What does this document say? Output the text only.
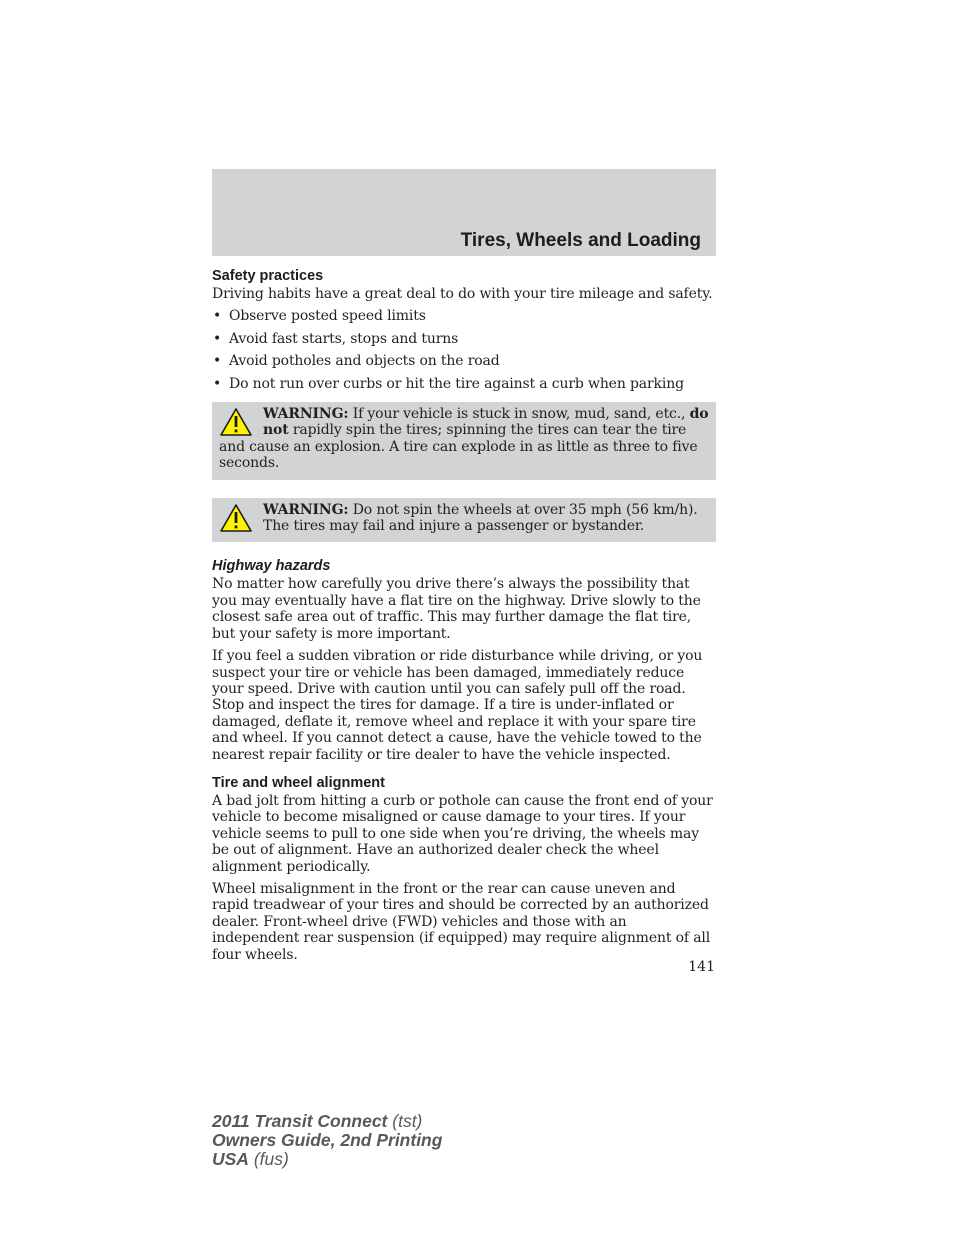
Tires, Wheels and Loading
Safety practices

Driving habits have a great deal to do with your tire mileage and safety.

• Observe posted speed limits
• Avoid fast starts, stops and turns
• Avoid potholes and objects on the road
• Do not run over curbs or hit the tire against a curb when parking
WARNING: If your vehicle is stuck in snow, mud, sand, etc., do not rapidly spin the tires; spinning the tires can tear the tire and cause an explosion. A tire can explode in as little as three to five seconds.
WARNING: Do not spin the wheels at over 35 mph (56 km/h). The tires may fail and injure a passenger or bystander.
Highway hazards

No matter how carefully you drive there’s always the possibility that you may eventually have a flat tire on the highway. Drive slowly to the closest safe area out of traffic. This may further damage the flat tire, but your safety is more important.

If you feel a sudden vibration or ride disturbance while driving, or you suspect your tire or vehicle has been damaged, immediately reduce your speed. Drive with caution until you can safely pull off the road. Stop and inspect the tires for damage. If a tire is under-inflated or damaged, deflate it, remove wheel and replace it with your spare tire and wheel. If you cannot detect a cause, have the vehicle towed to the nearest repair facility or tire dealer to have the vehicle inspected.

Tire and wheel alignment

A bad jolt from hitting a curb or pothole can cause the front end of your vehicle to become misaligned or cause damage to your tires. If your vehicle seems to pull to one side when you’re driving, the wheels may be out of alignment. Have an authorized dealer check the wheel alignment periodically.

Wheel misalignment in the front or the rear can cause uneven and rapid treadwear of your tires and should be corrected by an authorized dealer. Front-wheel drive (FWD) vehicles and those with an independent rear suspension (if equipped) may require alignment of all four wheels.

141
2011 Transit Connect (tst)
Owners Guide, 2nd Printing
USA (fus)
